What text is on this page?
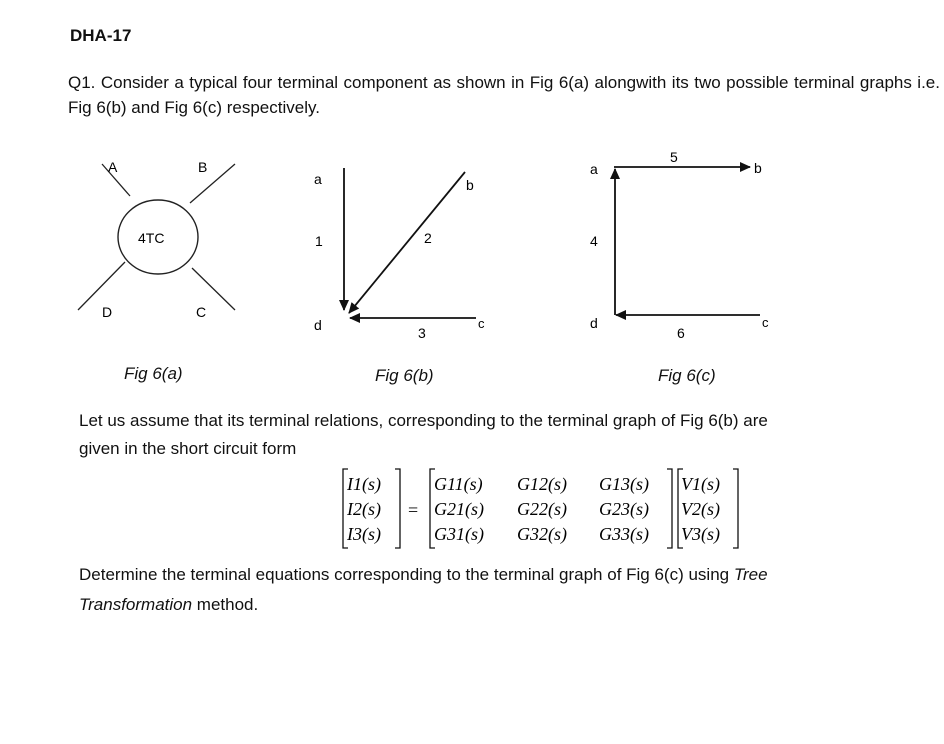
DHA-17
Q1. Consider a typical four terminal component as shown in Fig 6(a) alongwith its two possible terminal graphs i.e. Fig 6(b) and Fig 6(c) respectively.
4TC
A	B
C
D
a	b
c
d
1	2
3
a	b
c
d
4
5
6
Fig 6(a)	Fig 6(b)	Fig 6(c)
Let us assume that its terminal relations, corresponding to the terminal graph of Fig 6(b) are given in the short circuit form
I1(s)
I2(s)
I3(s)
=
G11(s) G12(s) G13(s)
G21(s) G22(s) G23(s)
G31(s) G32(s) G33(s)
V1(s)
V2(s)
V3(s)
Determine the terminal equations corresponding to the terminal graph of Fig 6(c) using Tree Transformation method.
